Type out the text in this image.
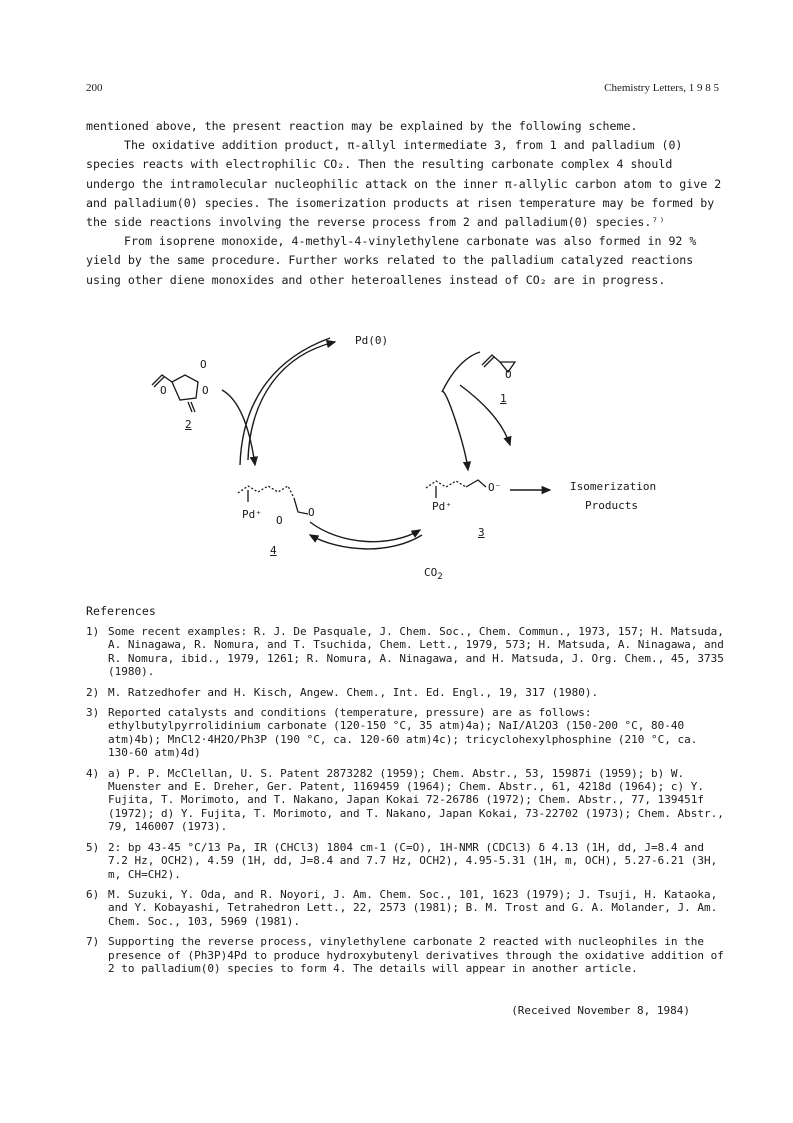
200	Chemistry Letters, 1 9 8 5

mentioned above, the present reaction may be explained by the following scheme.

The oxidative addition product, π-allyl intermediate 3, from 1 and palladium (0) species reacts with electrophilic CO₂. Then the resulting carbonate complex 4 should undergo the intramolecular nucleophilic attack on the inner π-allylic carbon atom to give 2 and palladium(0) species. The isomerization products at risen temperature may be formed by the side reactions involving the reverse process from 2 and palladium(0) species.⁷⁾

From isoprene monoxide, 4-methyl-4-vinylethylene carbonate was also formed in 92 % yield by the same procedure. Further works related to the palladium catalyzed reactions using other diene monoxides and other heteroallenes instead of CO₂ are in progress.

Pd(0)
O
O
O	O
1
2
Pd⁺ O
O
4
Pd⁺
O⁻
3
Isomerization
Products
$CO_2$
References
1) Some recent examples: R. J. De Pasquale, J. Chem. Soc., Chem. Commun., 1973, 157; H. Matsuda, A. Ninagawa, R. Nomura, and T. Tsuchida, Chem. Lett., 1979, 573; H. Matsuda, A. Ninagawa, and R. Nomura, ibid., 1979, 1261; R. Nomura, A. Ninagawa, and H. Matsuda, J. Org. Chem., 45, 3735 (1980).
2) M. Ratzedhofer and H. Kisch, Angew. Chem., Int. Ed. Engl., 19, 317 (1980).
3) Reported catalysts and conditions (temperature, pressure) are as follows: ethylbutylpyrrolidinium carbonate (120-150 °C, 35 atm)4a); NaI/Al2O3 (150-200 °C, 80-40 atm)4b); MnCl2·4H2O/Ph3P (190 °C, ca. 120-60 atm)4c); tricyclohexylphosphine (210 °C, ca. 130-60 atm)4d)
4) a) P. P. McClellan, U. S. Patent 2873282 (1959); Chem. Abstr., 53, 15987i (1959); b) W. Muenster and E. Dreher, Ger. Patent, 1169459 (1964); Chem. Abstr., 61, 4218d (1964); c) Y. Fujita, T. Morimoto, and T. Nakano, Japan Kokai 72-26786 (1972); Chem. Abstr., 77, 139451f (1972); d) Y. Fujita, T. Morimoto, and T. Nakano, Japan Kokai, 73-22702 (1973); Chem. Abstr., 79, 146007 (1973).
5) 2: bp 43-45 °C/13 Pa, IR (CHCl3) 1804 cm-1 (C=O), 1H-NMR (CDCl3) δ 4.13 (1H, dd, J=8.4 and 7.2 Hz, OCH2), 4.59 (1H, dd, J=8.4 and 7.7 Hz, OCH2), 4.95-5.31 (1H, m, OCH), 5.27-6.21 (3H, m, CH=CH2).
6) M. Suzuki, Y. Oda, and R. Noyori, J. Am. Chem. Soc., 101, 1623 (1979); J. Tsuji, H. Kataoka, and Y. Kobayashi, Tetrahedron Lett., 22, 2573 (1981); B. M. Trost and G. A. Molander, J. Am. Chem. Soc., 103, 5969 (1981).
7) Supporting the reverse process, vinylethylene carbonate 2 reacted with nucleophiles in the presence of (Ph3P)4Pd to produce hydroxybutenyl derivatives through the oxidative addition of 2 to palladium(0) species to form 4. The details will appear in another article.
(Received November 8, 1984)
